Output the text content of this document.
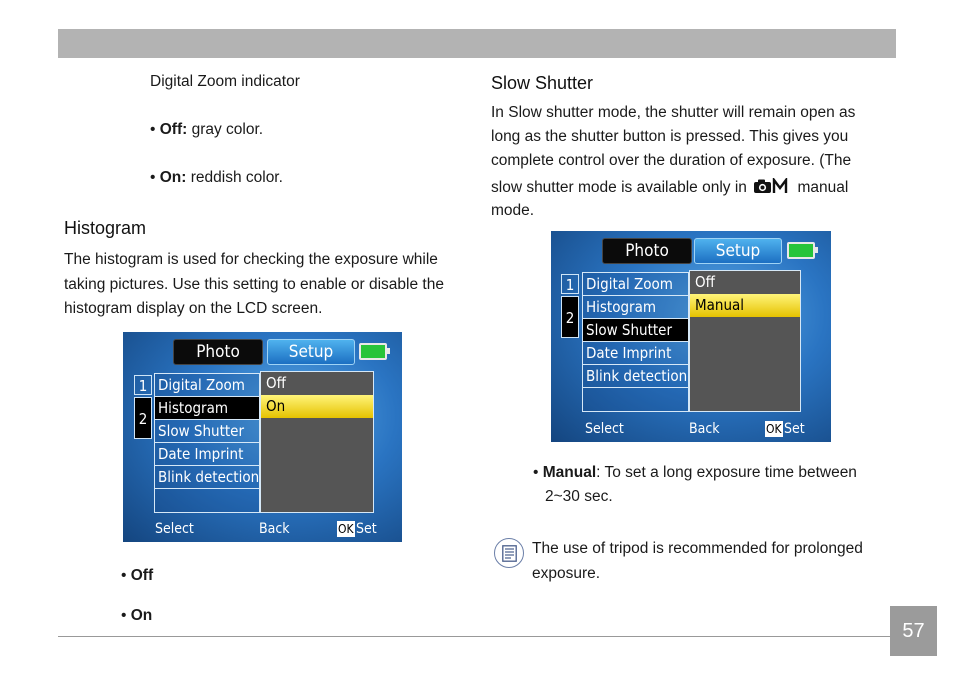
Digital Zoom indicator
• Off: gray color.
• On: reddish color.
Histogram
The histogram is used for checking the exposure while
taking pictures. Use this setting to enable or disable the
histogram display on the LCD screen.
Photo	Setup
1
2
Digital Zoom
Histogram
Slow Shutter
Date Imprint
Blink detection
Off
On
Select	Back	OK Set
• Off
• On
Slow Shutter
In Slow shutter mode, the shutter will remain open as
long as the shutter button is pressed. This gives you
complete control over the duration of exposure. (The
slow shutter mode is available only in	manual
mode.
Photo	Setup
1
2
Digital Zoom
Histogram
Slow Shutter
Date Imprint
Blink detection
Off
Manual
Select	Back	OK Set
• Manual: To set a long exposure time between
2~30 sec.
The use of tripod is recommended for prolonged
exposure.
57
